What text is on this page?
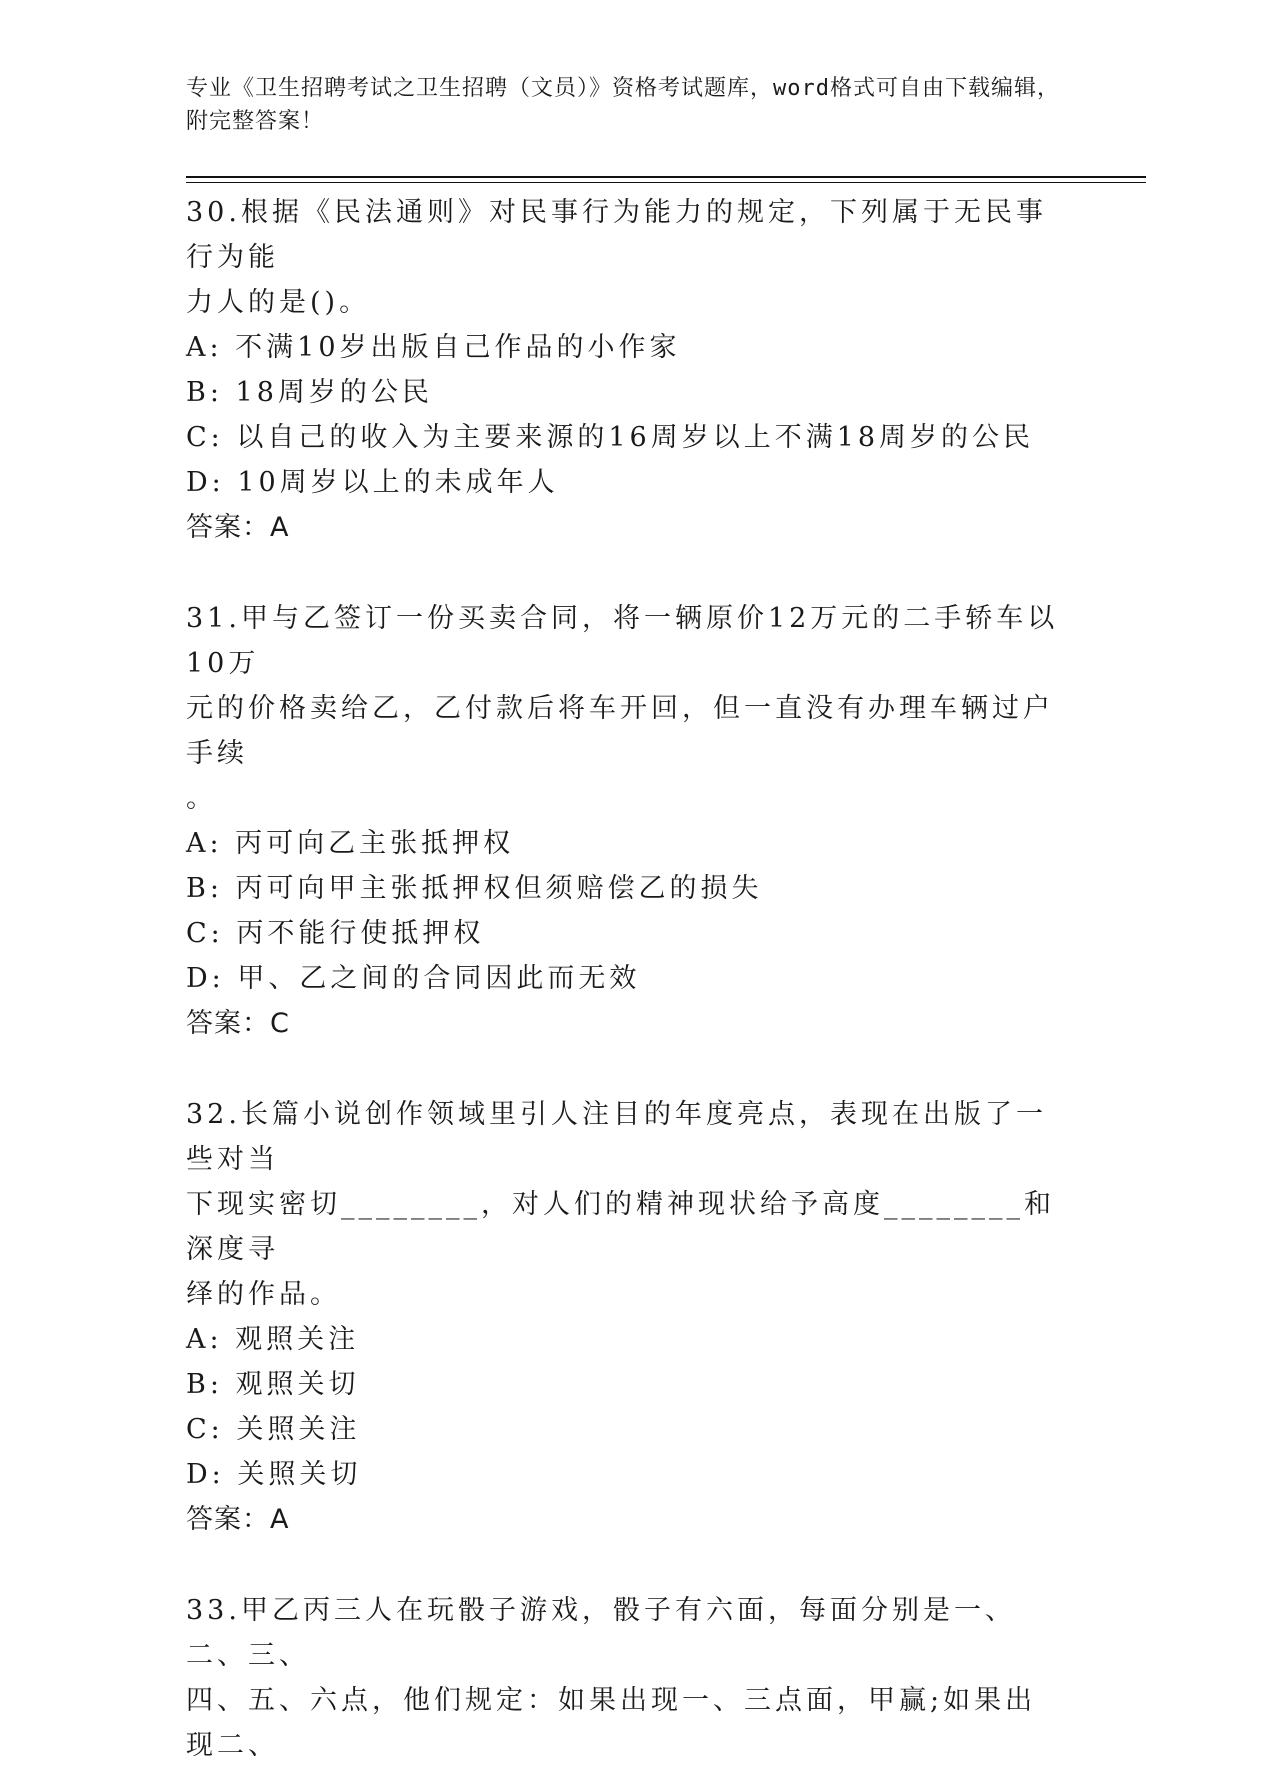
专业《卫生招聘考试之卫生招聘（文员）》资格考试题库，word格式可自由下载编辑，附完整答案！
30.根据《民法通则》对民事行为能力的规定，下列属于无民事行为能
力人的是()。
A: 不满10岁出版自己作品的小作家
B: 18周岁的公民
C: 以自己的收入为主要来源的16周岁以上不满18周岁的公民
D: 10周岁以上的未成年人
答案：A
31.甲与乙签订一份买卖合同，将一辆原价12万元的二手轿车以10万
元的价格卖给乙，乙付款后将车开回，但一直没有办理车辆过户手续
。
A: 丙可向乙主张抵押权
B: 丙可向甲主张抵押权但须赔偿乙的损失
C: 丙不能行使抵押权
D: 甲、乙之间的合同因此而无效
答案：C
32.长篇小说创作领域里引人注目的年度亮点，表现在出版了一些对当
下现实密切________，对人们的精神现状给予高度________和深度寻
绎的作品。
A: 观照关注
B: 观照关切
C: 关照关注
D: 关照关切
答案：A
33.甲乙丙三人在玩骰子游戏，骰子有六面，每面分别是一、二、三、
四、五、六点，他们规定：如果出现一、三点面，甲赢;如果出现二、
